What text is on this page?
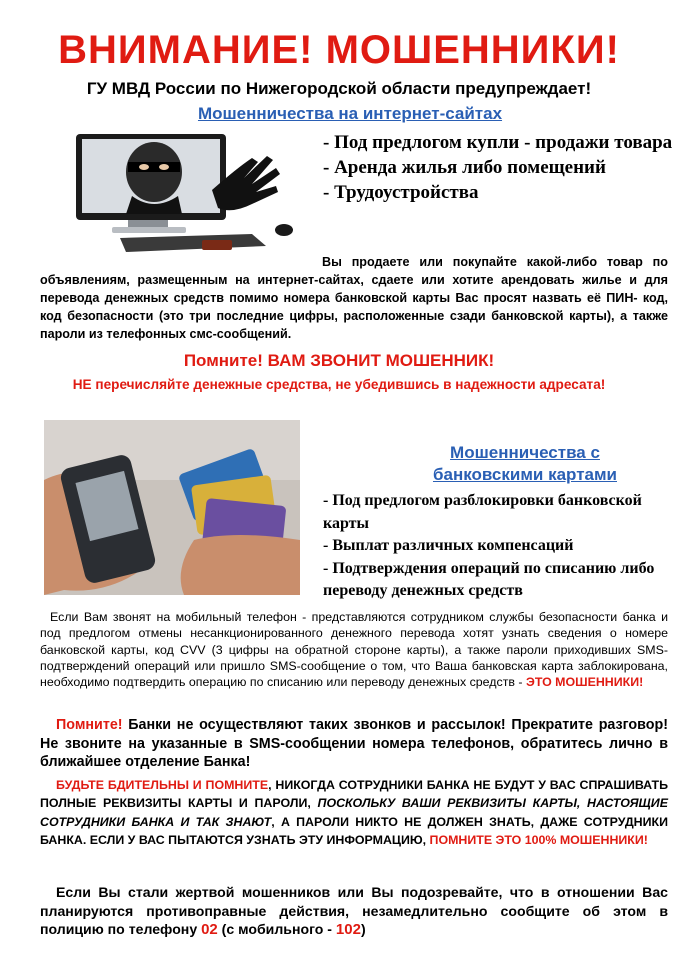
ВНИМАНИЕ! МОШЕННИКИ!
ГУ МВД России по Нижегородской области предупреждает!
Мошенничества на интернет-сайтах
- Под предлогом купли - продажи товара
- Аренда жилья либо помещений
- Трудоустройства
Вы продаете или покупайте какой-либо товар по объявлениям, размещенным на интернет-сайтах, сдаете или хотите арендовать жилье и для перевода денежных средств помимо номера банковской карты Вас просят назвать её ПИН- код, код безопасности (это три последние цифры, расположенные сзади банковской карты), а также пароли из телефонных смс-сообщений.
Помните! ВАМ ЗВОНИТ МОШЕННИК!
НЕ перечисляйте денежные средства, не убедившись в надежности адресата!
Мошенничества с
банковскими картами
- Под предлогом разблокировки банковской карты
- Выплат различных компенсаций
- Подтверждения операций по списанию либо переводу денежных средств
Если Вам звонят на мобильный телефон - представляются сотрудником службы безопасности банка и под предлогом отмены несанкционированного денежного перевода хотят узнать сведения о номере банковской карты, код CVV (3 цифры на обратной стороне карты), а также пароли приходивших SMS-подтверждений операций или пришло SMS-сообщение о том, что Ваша банковская карта заблокирована, необходимо подтвердить операцию по списанию или переводу денежных средств - ЭТО МОШЕННИКИ!
Помните! Банки не осуществляют таких звонков и рассылок! Прекратите разговор! Не звоните на указанные в SMS-сообщении номера телефонов, обратитесь лично в ближайшее отделение Банка!
БУДЬТЕ БДИТЕЛЬНЫ И ПОМНИТЕ, НИКОГДА СОТРУДНИКИ БАНКА НЕ БУДУТ У ВАС СПРАШИВАТЬ ПОЛНЫЕ РЕКВИЗИТЫ КАРТЫ И ПАРОЛИ, ПОСКОЛЬКУ ВАШИ РЕКВИЗИТЫ КАРТЫ, НАСТОЯЩИЕ СОТРУДНИКИ БАНКА И ТАК ЗНАЮТ, А ПАРОЛИ НИКТО НЕ ДОЛЖЕН ЗНАТЬ, ДАЖЕ СОТРУДНИКИ БАНКА. ЕСЛИ У ВАС ПЫТАЮТСЯ УЗНАТЬ ЭТУ ИНФОРМАЦИЮ, ПОМНИТЕ ЭТО 100% МОШЕННИКИ!
Если Вы стали жертвой мошенников или Вы подозревайте, что в отношении Вас планируются противоправные действия, незамедлительно сообщите об этом в полицию по телефону 02 (с мобильного - 102)
